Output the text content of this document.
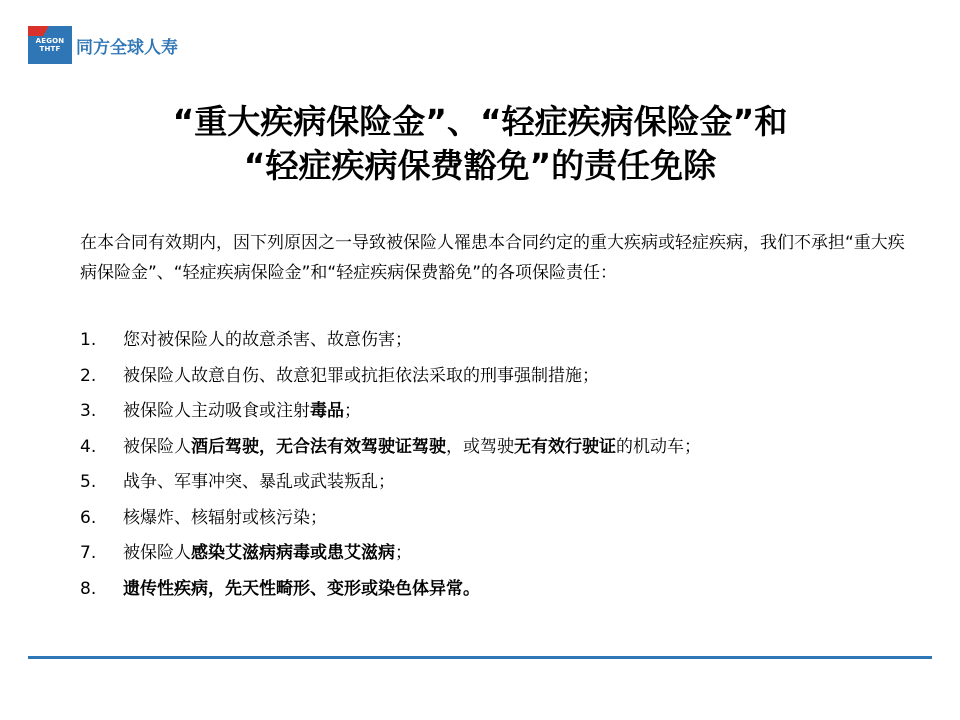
AEGON
THTF 同方全球人寿
“重大疾病保险金”、“轻症疾病保险金”和
“轻症疾病保费豁免”的责任免除
在本合同有效期内，因下列原因之一导致被保险人罹患本合同约定的重大疾病或轻症疾病，我们不承担“重大疾病保险金”、“轻症疾病保险金”和“轻症疾病保费豁免”的各项保险责任：
1.	您对被保险人的故意杀害、故意伤害；
2.	被保险人故意自伤、故意犯罪或抗拒依法采取的刑事强制措施；
3.	被保险人主动吸食或注射毒品；
4.	被保险人酒后驾驶，无合法有效驾驶证驾驶，或驾驶无有效行驶证的机动车；
5.	战争、军事冲突、暴乱或武装叛乱；
6.	核爆炸、核辐射或核污染；
7.	被保险人感染艾滋病病毒或患艾滋病；
8.	遗传性疾病，先天性畸形、变形或染色体异常。
